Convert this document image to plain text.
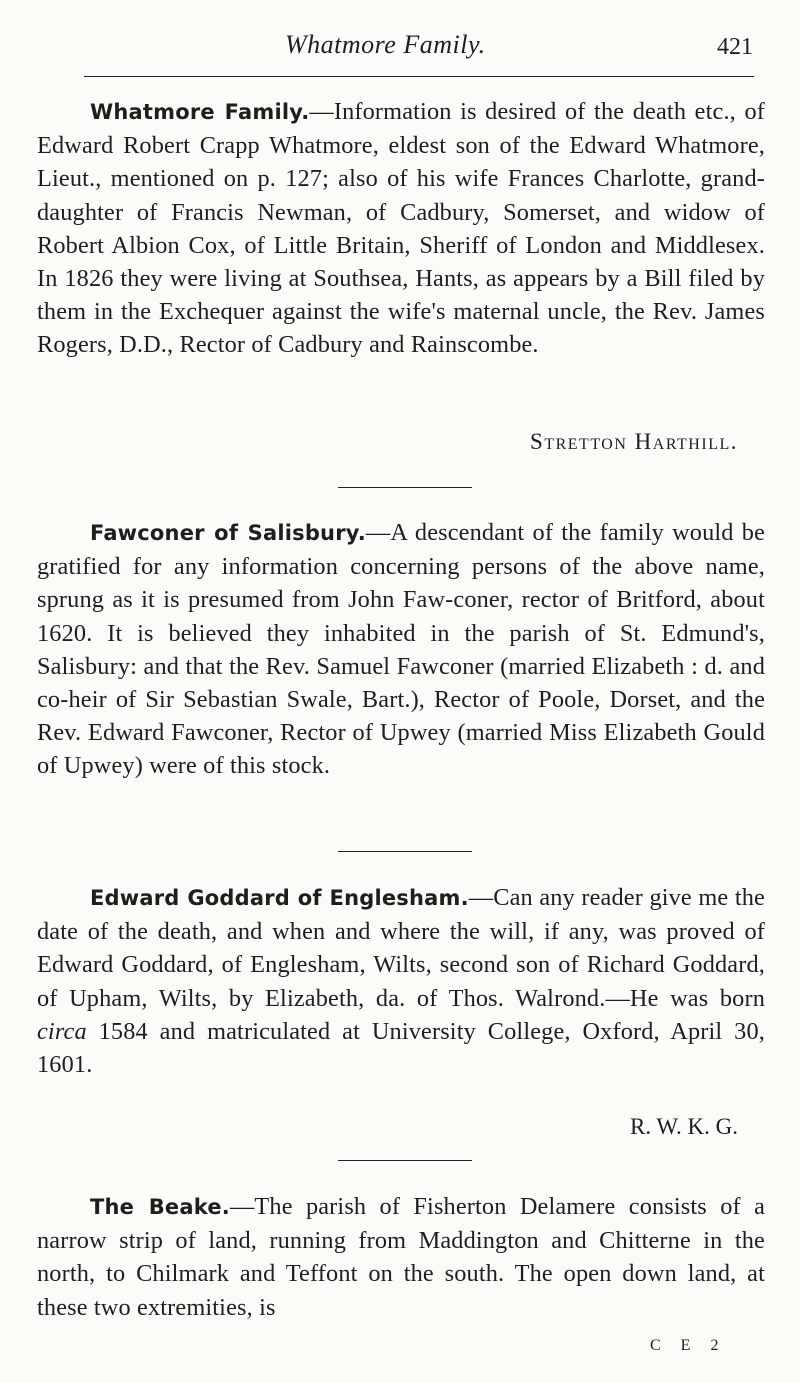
Whatmore Family.	421

Whatmore Family.—Information is desired of the death etc., of Edward Robert Crapp Whatmore, eldest son of the Edward Whatmore, Lieut., mentioned on p. 127; also of his wife Frances Charlotte, grand-daughter of Francis Newman, of Cadbury, Somerset, and widow of Robert Albion Cox, of Little Britain, Sheriff of London and Middlesex. In 1826 they were living at Southsea, Hants, as appears by a Bill filed by them in the Exchequer against the wife's maternal uncle, the Rev. James Rogers, D.D., Rector of Cadbury and Rainscombe.

Stretton Harthill.

Fawconer of Salisbury.—A descendant of the family would be gratified for any information concerning persons of the above name, sprung as it is presumed from John Faw-coner, rector of Britford, about 1620. It is believed they inhabited in the parish of St. Edmund's, Salisbury: and that the Rev. Samuel Fawconer (married Elizabeth : d. and co-heir of Sir Sebastian Swale, Bart.), Rector of Poole, Dorset, and the Rev. Edward Fawconer, Rector of Upwey (married Miss Elizabeth Gould of Upwey) were of this stock.

Edward Goddard of Englesham.—Can any reader give me the date of the death, and when and where the will, if any, was proved of Edward Goddard, of Englesham, Wilts, second son of Richard Goddard, of Upham, Wilts, by Elizabeth, da. of Thos. Walrond.—He was born circa 1584 and matriculated at University College, Oxford, April 30, 1601.

R. W. K. G.

The Beake.—The parish of Fisherton Delamere consists of a narrow strip of land, running from Maddington and Chitterne in the north, to Chilmark and Teffont on the south. The open down land, at these two extremities, is

C E 2
